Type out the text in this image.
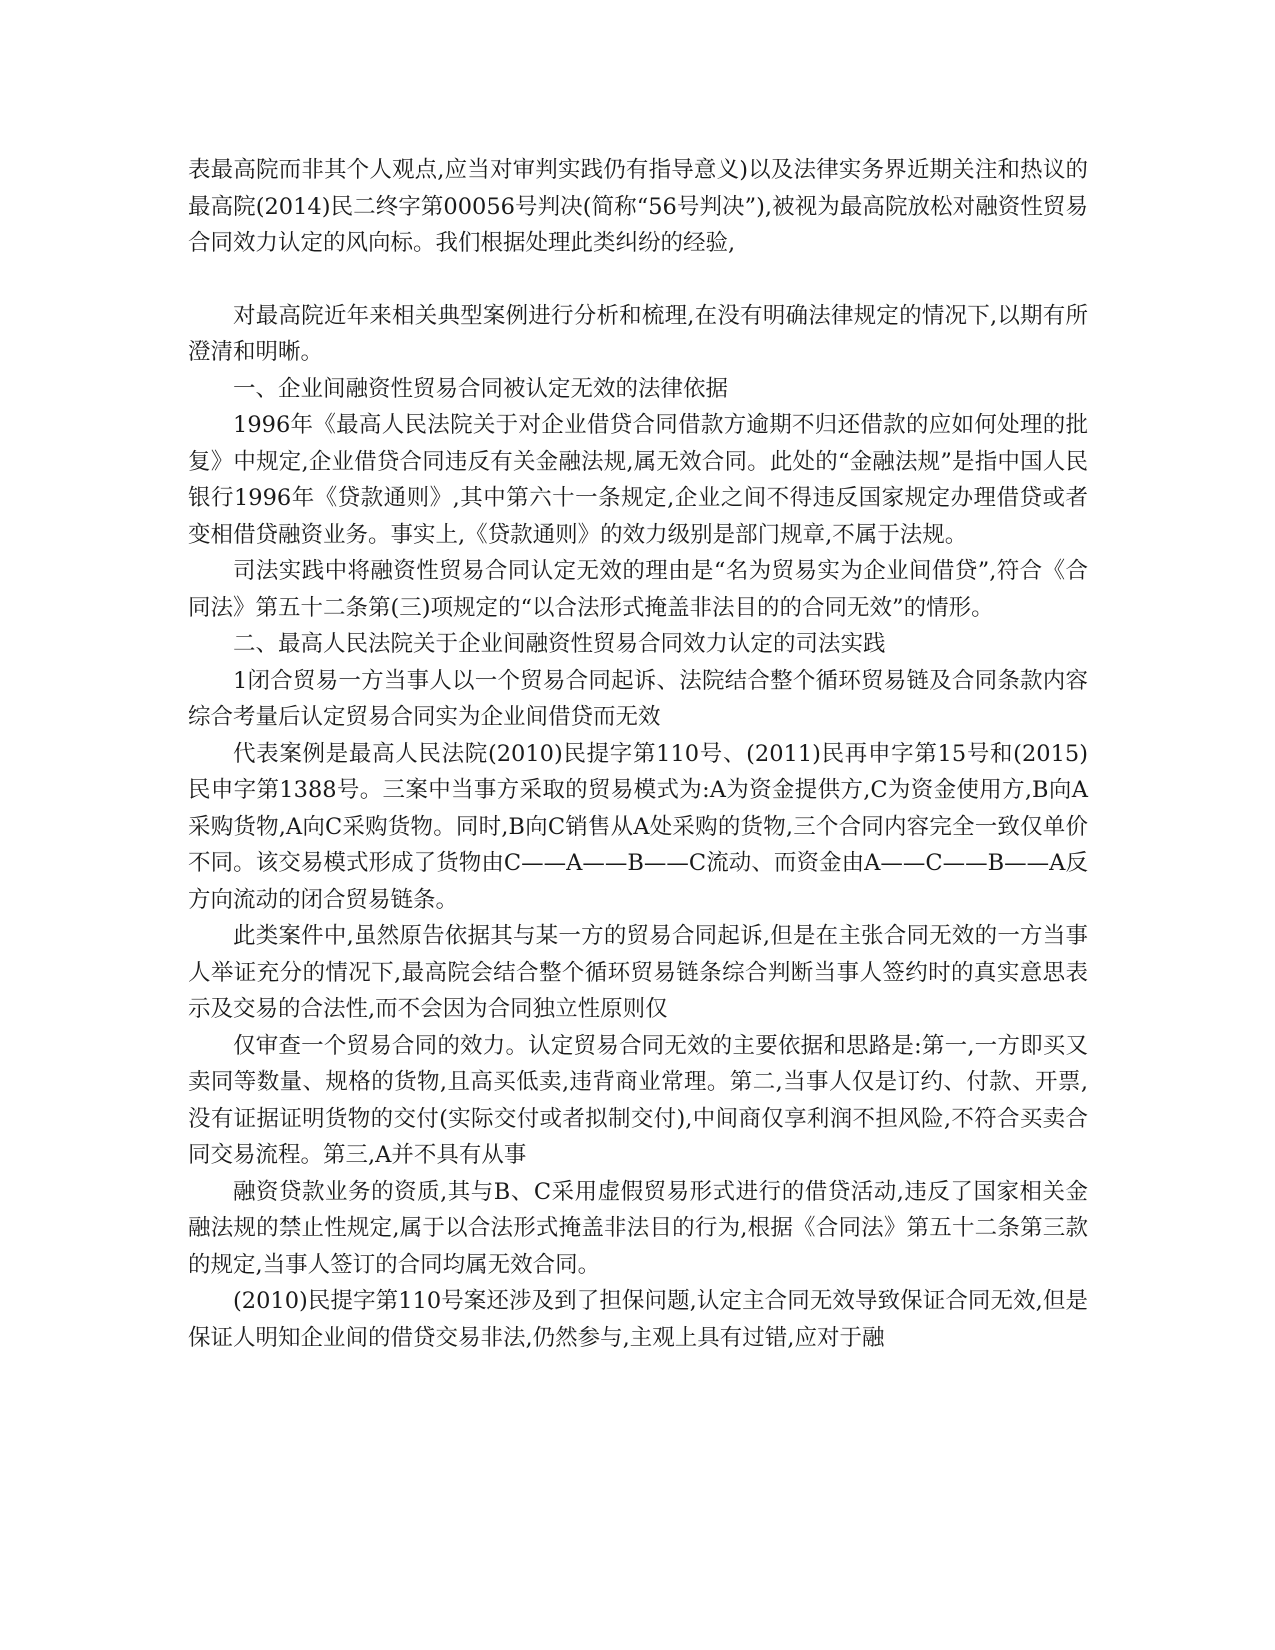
表最高院而非其个人观点,应当对审判实践仍有指导意义)以及法律实务界近期关注和热议的最高院(2014)民二终字第00056号判决(简称“56号判决”),被视为最高院放松对融资性贸易合同效力认定的风向标。我们根据处理此类纠纷的经验,

对最高院近年来相关典型案例进行分析和梳理,在没有明确法律规定的情况下,以期有所澄清和明晰。

一、企业间融资性贸易合同被认定无效的法律依据

1996年《最高人民法院关于对企业借贷合同借款方逾期不归还借款的应如何处理的批复》中规定,企业借贷合同违反有关金融法规,属无效合同。此处的“金融法规”是指中国人民银行1996年《贷款通则》,其中第六十一条规定,企业之间不得违反国家规定办理借贷或者变相借贷融资业务。事实上,《贷款通则》的效力级别是部门规章,不属于法规。

司法实践中将融资性贸易合同认定无效的理由是“名为贸易实为企业间借贷”,符合《合同法》第五十二条第(三)项规定的“以合法形式掩盖非法目的的合同无效”的情形。

二、最高人民法院关于企业间融资性贸易合同效力认定的司法实践

1闭合贸易一方当事人以一个贸易合同起诉、法院结合整个循环贸易链及合同条款内容综合考量后认定贸易合同实为企业间借贷而无效

代表案例是最高人民法院(2010)民提字第110号、(2011)民再申字第15号和(2015)民申字第1388号。三案中当事方采取的贸易模式为:A为资金提供方,C为资金使用方,B向A采购货物,A向C采购货物。同时,B向C销售从A处采购的货物,三个合同内容完全一致仅单价不同。该交易模式形成了货物由C——A——B——C流动、而资金由A——C——B——A反方向流动的闭合贸易链条。

此类案件中,虽然原告依据其与某一方的贸易合同起诉,但是在主张合同无效的一方当事人举证充分的情况下,最高院会结合整个循环贸易链条综合判断当事人签约时的真实意思表示及交易的合法性,而不会因为合同独立性原则仅

仅审查一个贸易合同的效力。认定贸易合同无效的主要依据和思路是:第一,一方即买又卖同等数量、规格的货物,且高买低卖,违背商业常理。第二,当事人仅是订约、付款、开票,没有证据证明货物的交付(实际交付或者拟制交付),中间商仅享利润不担风险,不符合买卖合同交易流程。第三,A并不具有从事

融资贷款业务的资质,其与B、C采用虚假贸易形式进行的借贷活动,违反了国家相关金融法规的禁止性规定,属于以合法形式掩盖非法目的行为,根据《合同法》第五十二条第三款的规定,当事人签订的合同均属无效合同。

(2010)民提字第110号案还涉及到了担保问题,认定主合同无效导致保证合同无效,但是保证人明知企业间的借贷交易非法,仍然参与,主观上具有过错,应对于融
